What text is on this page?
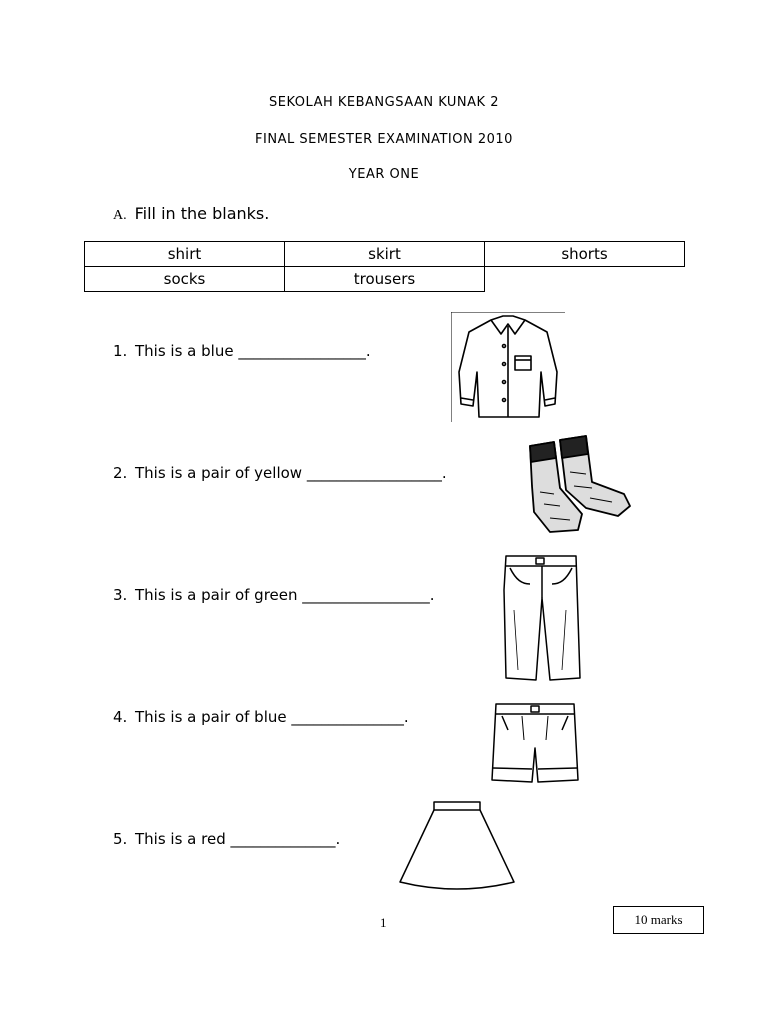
SEKOLAH KEBANGSAAN KUNAK 2
FINAL SEMESTER EXAMINATION 2010
YEAR ONE
A. Fill in the blanks.
shirt	skirt	shorts
socks	trousers	
1. This is a blue _________________.
2. This is a pair of yellow __________________.
3. This is a pair of green _________________.
4. This is a pair of blue _______________.
5. This is a red ______________.
1	10 marks
